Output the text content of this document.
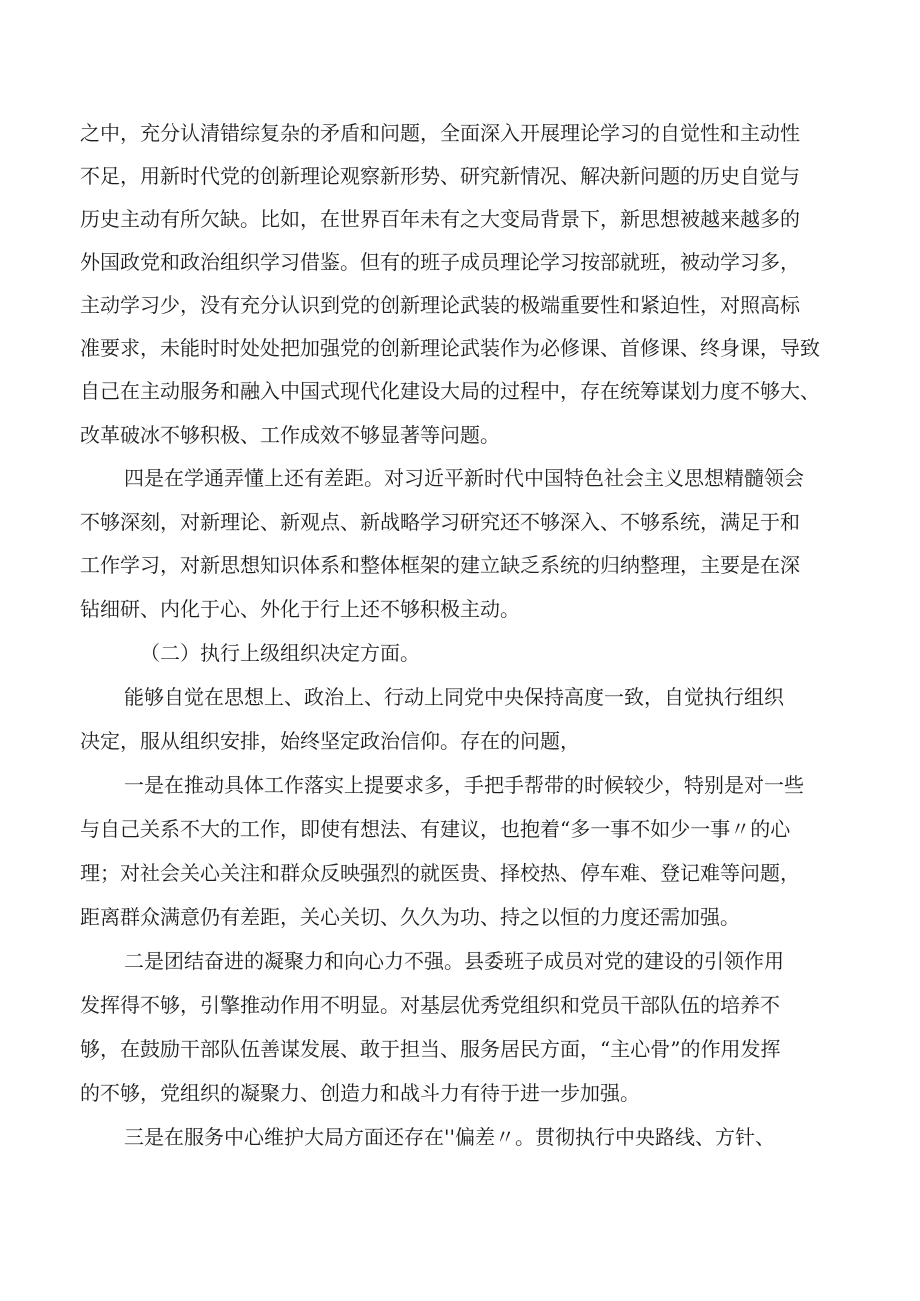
之中，充分认清错综复杂的矛盾和问题，全面深入开展理论学习的自觉性和主动性

不足，用新时代党的创新理论观察新形势、研究新情况、解决新问题的历史自觉与

历史主动有所欠缺。比如，在世界百年未有之大变局背景下，新思想被越来越多的

外国政党和政治组织学习借鉴。但有的班子成员理论学习按部就班，被动学习多，

主动学习少，没有充分认识到党的创新理论武装的极端重要性和紧迫性，对照高标

准要求，未能时时处处把加强党的创新理论武装作为必修课、首修课、终身课，导致

自己在主动服务和融入中国式现代化建设大局的过程中，存在统筹谋划力度不够大、

改革破冰不够积极、工作成效不够显著等问题。

四是在学通弄懂上还有差距。对习近平新时代中国特色社会主义思想精髓领会

不够深刻，对新理论、新观点、新战略学习研究还不够深入、不够系统，满足于和

工作学习，对新思想知识体系和整体框架的建立缺乏系统的归纳整理，主要是在深

钻细研、内化于心、外化于行上还不够积极主动。

（二）执行上级组织决定方面。

能够自觉在思想上、政治上、行动上同党中央保持高度一致，自觉执行组织

决定，服从组织安排，始终坚定政治信仰。存在的问题，

一是在推动具体工作落实上提要求多，手把手帮带的时候较少，特别是对一些

与自己关系不大的工作，即使有想法、有建议，也抱着“多一事不如少一事〃的心

理；对社会关心关注和群众反映强烈的就医贵、择校热、停车难、登记难等问题，

距离群众满意仍有差距，关心关切、久久为功、持之以恒的力度还需加强。

二是团结奋进的凝聚力和向心力不强。县委班子成员对党的建设的引领作用

发挥得不够，引擎推动作用不明显。对基层优秀党组织和党员干部队伍的培养不

够，在鼓励干部队伍善谋发展、敢于担当、服务居民方面，“主心骨”的作用发挥

的不够，党组织的凝聚力、创造力和战斗力有待于进一步加强。

三是在服务中心维护大局方面还存在''偏差〃。贯彻执行中央路线、方针、
